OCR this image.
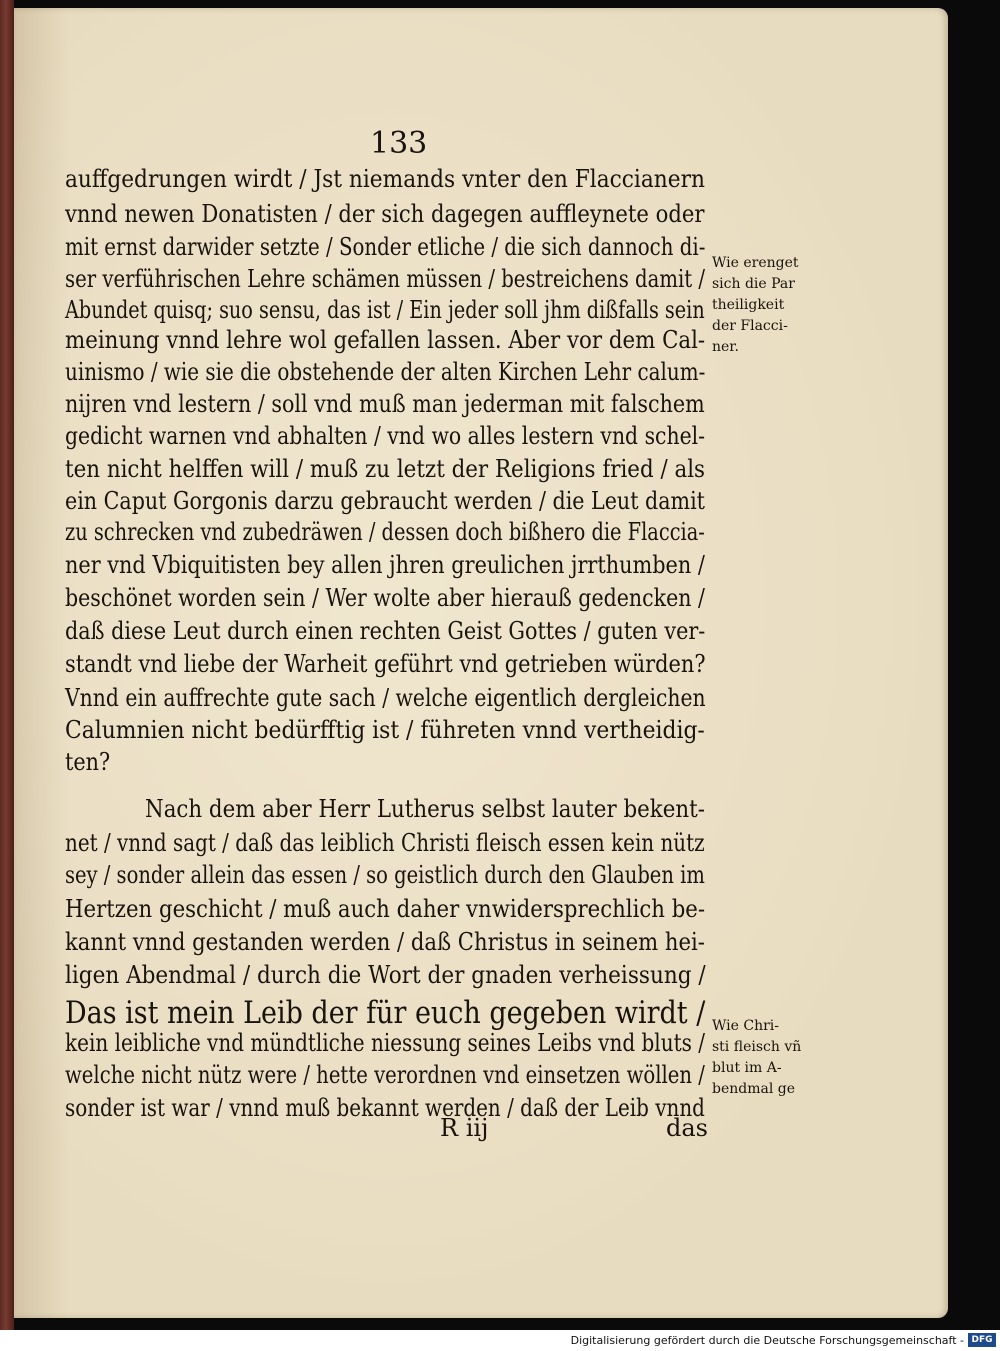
133
auffgedrungen wirdt / Jst niemands vnter den Flaccianern
vnnd newen Donatisten / der sich dagegen auffleynete oder
mit ernst darwider setzte / Sonder etliche / die sich dannoch di-
ser verführischen Lehre schämen müssen / bestreichens damit /
Abundet quisq; suo sensu, das ist / Ein jeder soll jhm dißfalls sein
meinung vnnd lehre wol gefallen lassen. Aber vor dem Cal-
uinismo / wie sie die obstehende der alten Kirchen Lehr calum-
nijren vnd lestern / soll vnd muß man jederman mit falschem
gedicht warnen vnd abhalten / vnd wo alles lestern vnd schel-
ten nicht helffen will / muß zu letzt der Religions fried / als
ein Caput Gorgonis darzu gebraucht werden / die Leut damit
zu schrecken vnd zubedräwen / dessen doch bißhero die Flaccia-
ner vnd Vbiquitisten bey allen jhren greulichen jrrthumben /
beschönet worden sein / Wer wolte aber hierauß gedencken /
daß diese Leut durch einen rechten Geist Gottes / guten ver-
standt vnd liebe der Warheit geführt vnd getrieben würden?
Vnnd ein auffrechte gute sach / welche eigentlich dergleichen
Calumnien nicht bedürfftig ist / führeten vnnd vertheidig-
ten?
Nach dem aber Herr Lutherus selbst lauter bekent-
net / vnnd sagt / daß das leiblich Christi fleisch essen kein nütz
sey / sonder allein das essen / so geistlich durch den Glauben im
Hertzen geschicht / muß auch daher vnwidersprechlich be-
kannt vnnd gestanden werden / daß Christus in seinem hei-
ligen Abendmal / durch die Wort der gnaden verheissung /
Das ist mein Leib der für euch gegeben wirdt /
kein leibliche vnd mündtliche niessung seines Leibs vnd bluts /
welche nicht nütz were / hette verordnen vnd einsetzen wöllen /
sonder ist war / vnnd muß bekannt werden / daß der Leib vnnd
Wie erenget
sich die Par
theiligkeit
der Flacci-
ner.
Wie Chri-
sti fleisch vñ
blut im A-
bendmal ge
R iij	das
Digitalisierung gefördert durch die Deutsche Forschungsgemeinschaft - DFG
